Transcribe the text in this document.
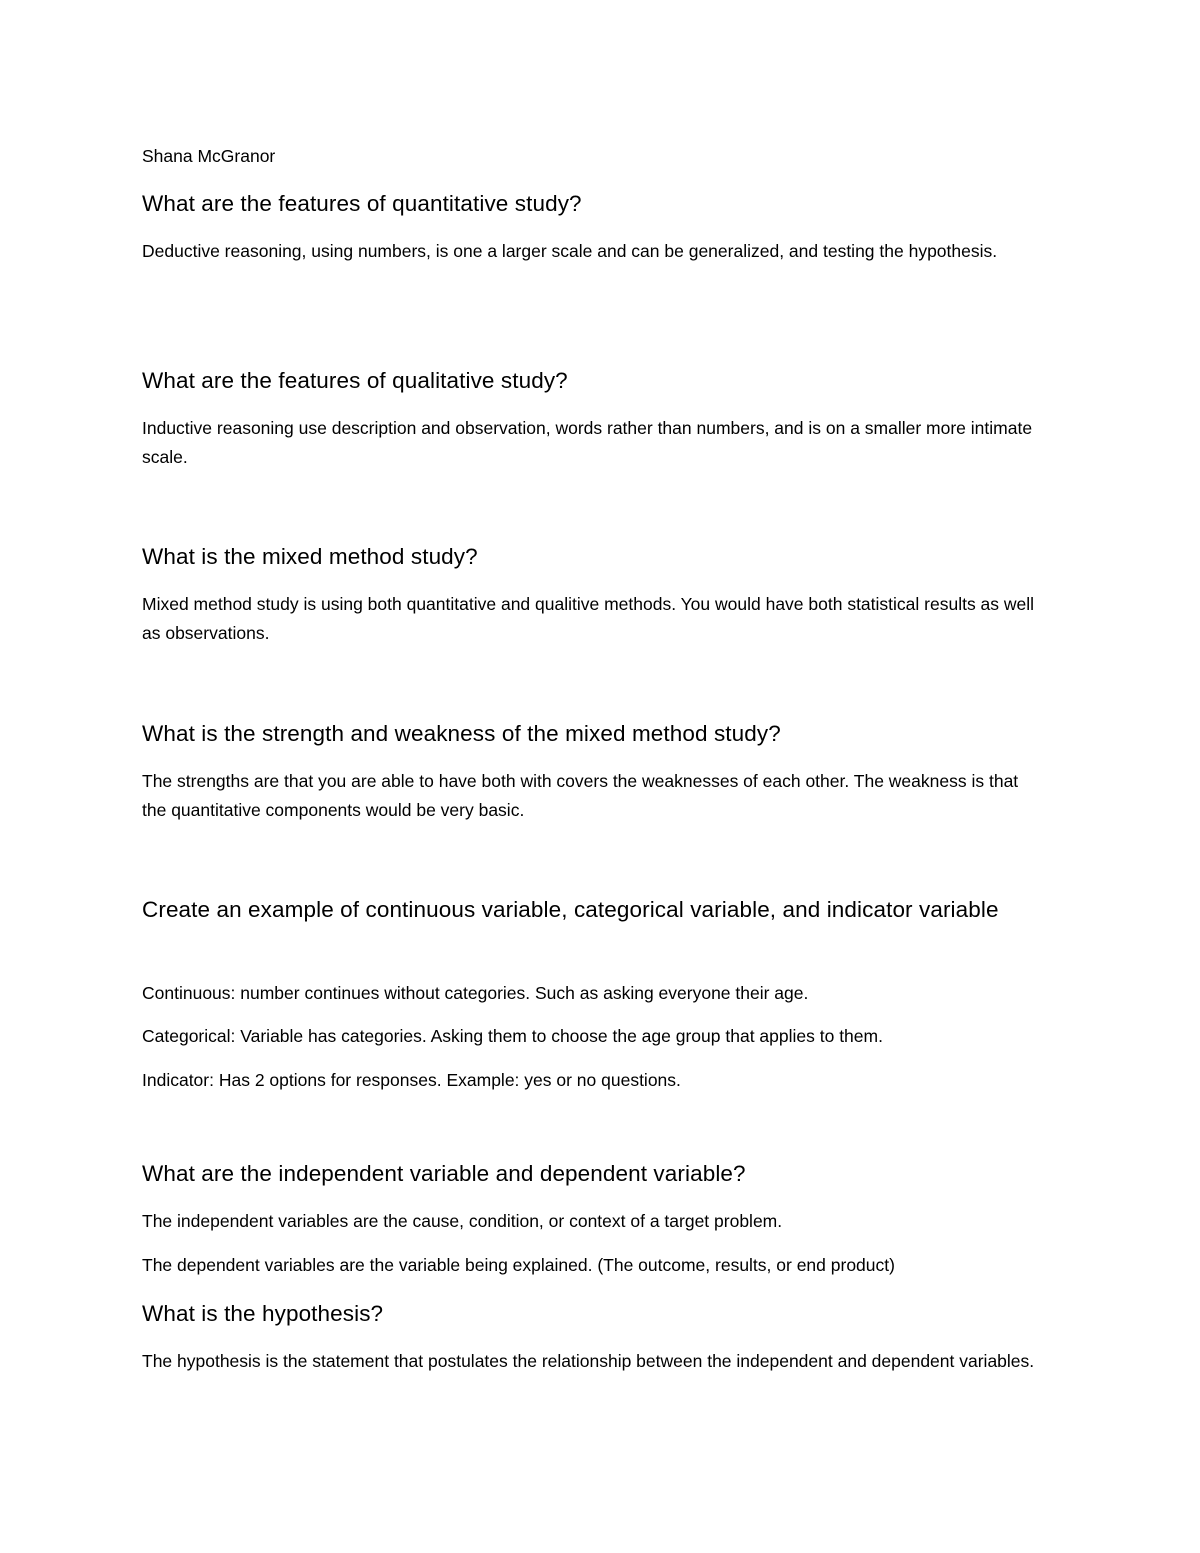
Shana McGranor

What are the features of quantitative study?

Deductive reasoning, using numbers, is one a larger scale and can be generalized, and testing the hypothesis.

What are the features of qualitative study?

Inductive reasoning use description and observation, words rather than numbers, and is on a smaller more intimate scale.

What is the mixed method study?

Mixed method study is using both quantitative and qualitive methods. You would have both statistical results as well as observations.

What is the strength and weakness of the mixed method study?

The strengths are that you are able to have both with covers the weaknesses of each other. The weakness is that the quantitative components would be very basic.

Create an example of continuous variable, categorical variable, and indicator variable

Continuous: number continues without categories. Such as asking everyone their age.

Categorical: Variable has categories. Asking them to choose the age group that applies to them.

Indicator: Has 2 options for responses. Example: yes or no questions.

What are the independent variable and dependent variable?

The independent variables are the cause, condition, or context of a target problem.

The dependent variables are the variable being explained. (The outcome, results, or end product)

What is the hypothesis?

The hypothesis is the statement that postulates the relationship between the independent and dependent variables.
